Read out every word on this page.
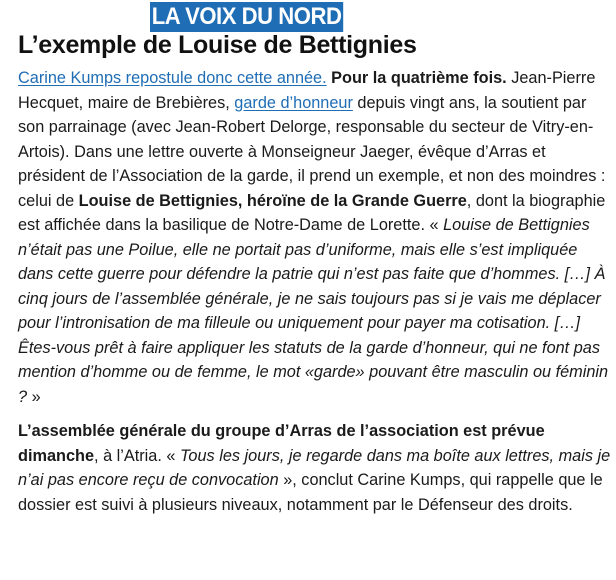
LA VOIX DU NORD
L’exemple de Louise de Bettignies

Carine Kumps repostule donc cette année. Pour la quatrième fois. Jean-Pierre Hecquet, maire de Brebières, garde d’honneur depuis vingt ans, la soutient par son parrainage (avec Jean-Robert Delorge, responsable du secteur de Vitry-en-Artois). Dans une lettre ouverte à Monseigneur Jaeger, évêque d’Arras et président de l’Association de la garde, il prend un exemple, et non des moindres : celui de Louise de Bettignies, héroïne de la Grande Guerre, dont la biographie est affichée dans la basilique de Notre-Dame de Lorette. « Louise de Bettignies n’était pas une Poilue, elle ne portait pas d’uniforme, mais elle s’est impliquée dans cette guerre pour défendre la patrie qui n’est pas faite que d’hommes. […] À cinq jours de l’assemblée générale, je ne sais toujours pas si je vais me déplacer pour l’intronisation de ma filleule ou uniquement pour payer ma cotisation. […] Êtes-vous prêt à faire appliquer les statuts de la garde d’honneur, qui ne font pas mention d’homme ou de femme, le mot «garde» pouvant être masculin ou féminin ? »

L’assemblée générale du groupe d’Arras de l’association est prévue dimanche, à l’Atria. « Tous les jours, je regarde dans ma boîte aux lettres, mais je n’ai pas encore reçu de convocation », conclut Carine Kumps, qui rappelle que le dossier est suivi à plusieurs niveaux, notamment par le Défenseur des droits.
